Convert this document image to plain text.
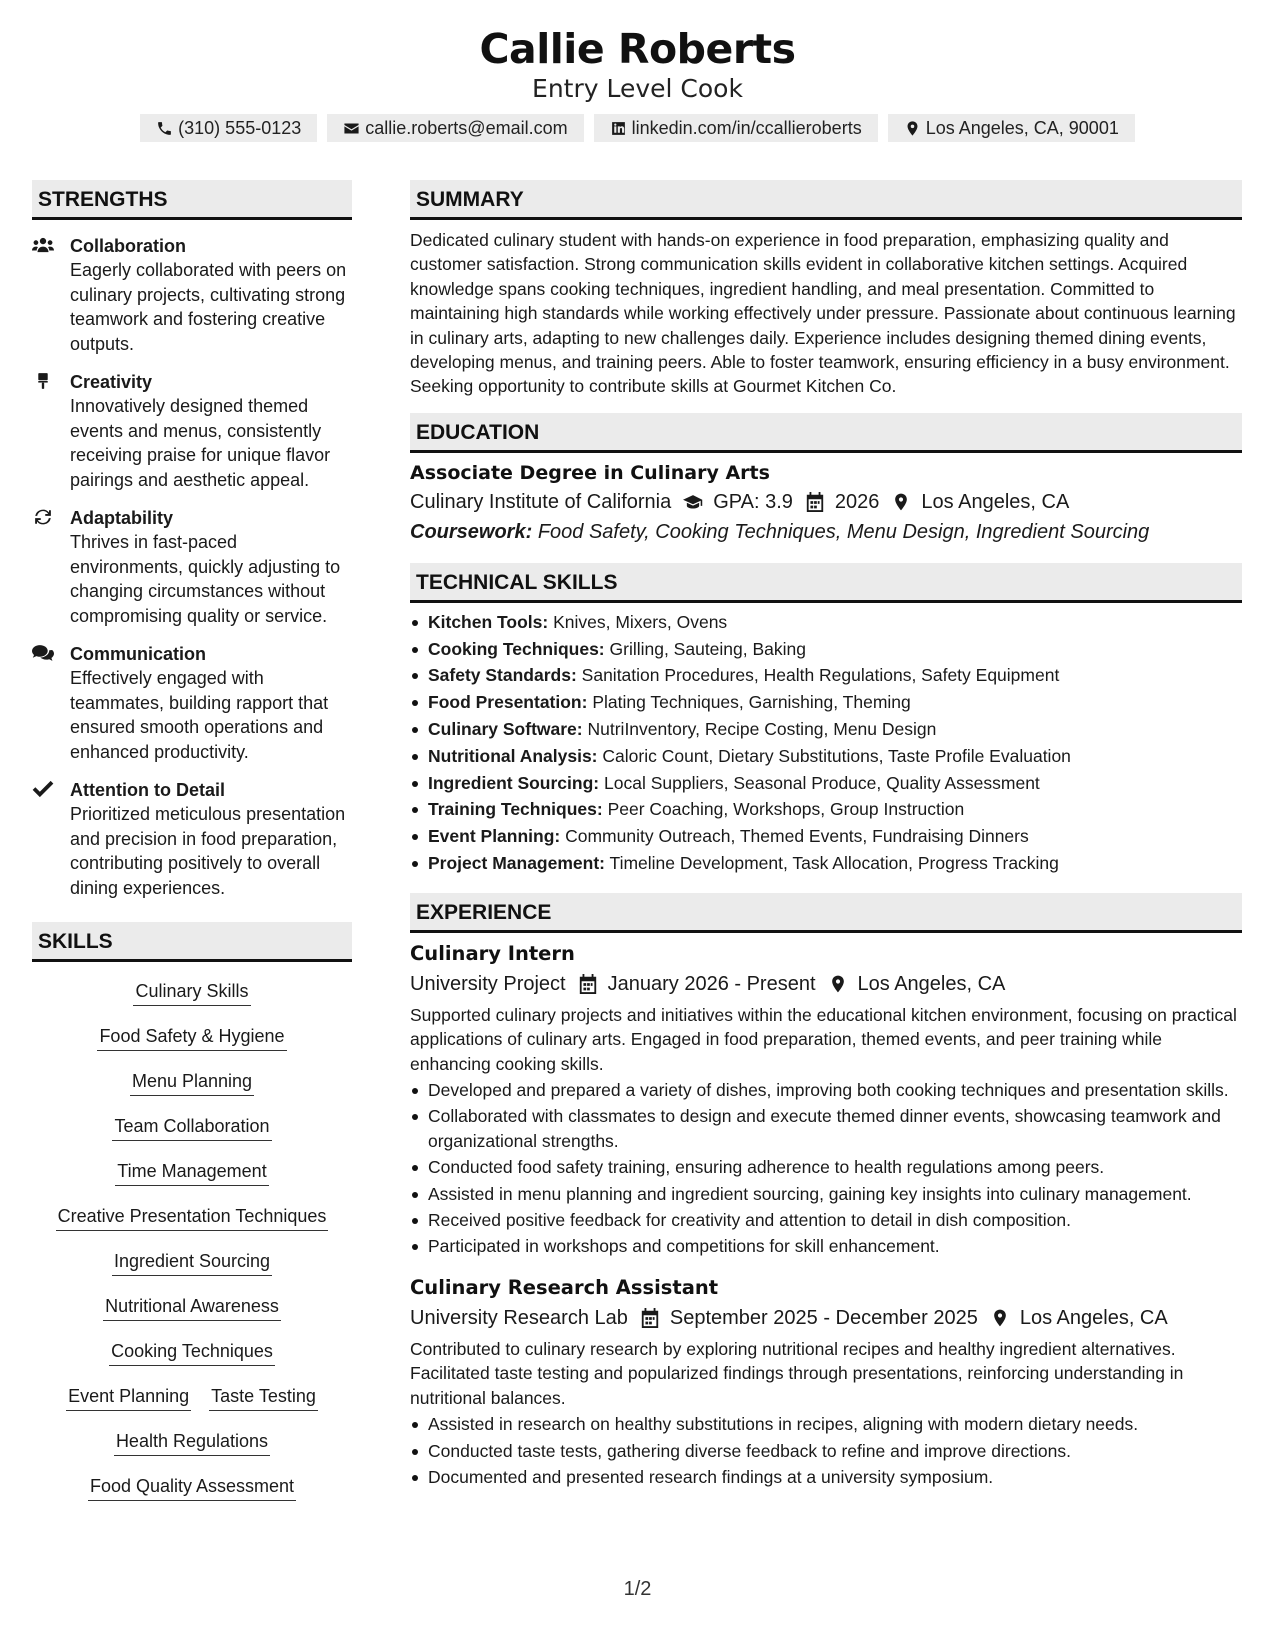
Callie Roberts
Entry Level Cook
(310) 555-0123	callie.roberts@email.com	linkedin.com/in/ccallieroberts	Los Angeles, CA, 90001
STRENGTHS
Collaboration
Eagerly collaborated with peers on culinary projects, cultivating strong teamwork and fostering creative outputs.
Creativity
Innovatively designed themed events and menus, consistently receiving praise for unique flavor pairings and aesthetic appeal.
Adaptability
Thrives in fast-paced environments, quickly adjusting to changing circumstances without compromising quality or service.
Communication
Effectively engaged with teammates, building rapport that ensured smooth operations and enhanced productivity.
Attention to Detail
Prioritized meticulous presentation and precision in food preparation, contributing positively to overall dining experiences.
SKILLS
Culinary Skills
Food Safety & Hygiene
Menu Planning
Team Collaboration
Time Management
Creative Presentation Techniques
Ingredient Sourcing
Nutritional Awareness
Cooking Techniques
Event Planning Taste Testing
Health Regulations
Food Quality Assessment
SUMMARY
Dedicated culinary student with hands-on experience in food preparation, emphasizing quality and customer satisfaction. Strong communication skills evident in collaborative kitchen settings. Acquired knowledge spans cooking techniques, ingredient handling, and meal presentation. Committed to maintaining high standards while working effectively under pressure. Passionate about continuous learning in culinary arts, adapting to new challenges daily. Experience includes designing themed dining events, developing menus, and training peers. Able to foster teamwork, ensuring efficiency in a busy environment. Seeking opportunity to contribute skills at Gourmet Kitchen Co.
EDUCATION
Associate Degree in Culinary Arts
Culinary Institute of California GPA: 3.9 2026 Los Angeles, CA
Coursework: Food Safety, Cooking Techniques, Menu Design, Ingredient Sourcing
TECHNICAL SKILLS
Kitchen Tools: Knives, Mixers, Ovens
Cooking Techniques: Grilling, Sauteing, Baking
Safety Standards: Sanitation Procedures, Health Regulations, Safety Equipment
Food Presentation: Plating Techniques, Garnishing, Theming
Culinary Software: NutriInventory, Recipe Costing, Menu Design
Nutritional Analysis: Caloric Count, Dietary Substitutions, Taste Profile Evaluation
Ingredient Sourcing: Local Suppliers, Seasonal Produce, Quality Assessment
Training Techniques: Peer Coaching, Workshops, Group Instruction
Event Planning: Community Outreach, Themed Events, Fundraising Dinners
Project Management: Timeline Development, Task Allocation, Progress Tracking
EXPERIENCE
Culinary Intern
University Project January 2026 - Present Los Angeles, CA
Supported culinary projects and initiatives within the educational kitchen environment, focusing on practical applications of culinary arts. Engaged in food preparation, themed events, and peer training while enhancing cooking skills.
Developed and prepared a variety of dishes, improving both cooking techniques and presentation skills.
Collaborated with classmates to design and execute themed dinner events, showcasing teamwork and organizational strengths.
Conducted food safety training, ensuring adherence to health regulations among peers.
Assisted in menu planning and ingredient sourcing, gaining key insights into culinary management.
Received positive feedback for creativity and attention to detail in dish composition.
Participated in workshops and competitions for skill enhancement.
Culinary Research Assistant
University Research Lab September 2025 - December 2025 Los Angeles, CA
Contributed to culinary research by exploring nutritional recipes and healthy ingredient alternatives. Facilitated taste testing and popularized findings through presentations, reinforcing understanding in nutritional balances.
Assisted in research on healthy substitutions in recipes, aligning with modern dietary needs.
Conducted taste tests, gathering diverse feedback to refine and improve directions.
Documented and presented research findings at a university symposium.
1/2
